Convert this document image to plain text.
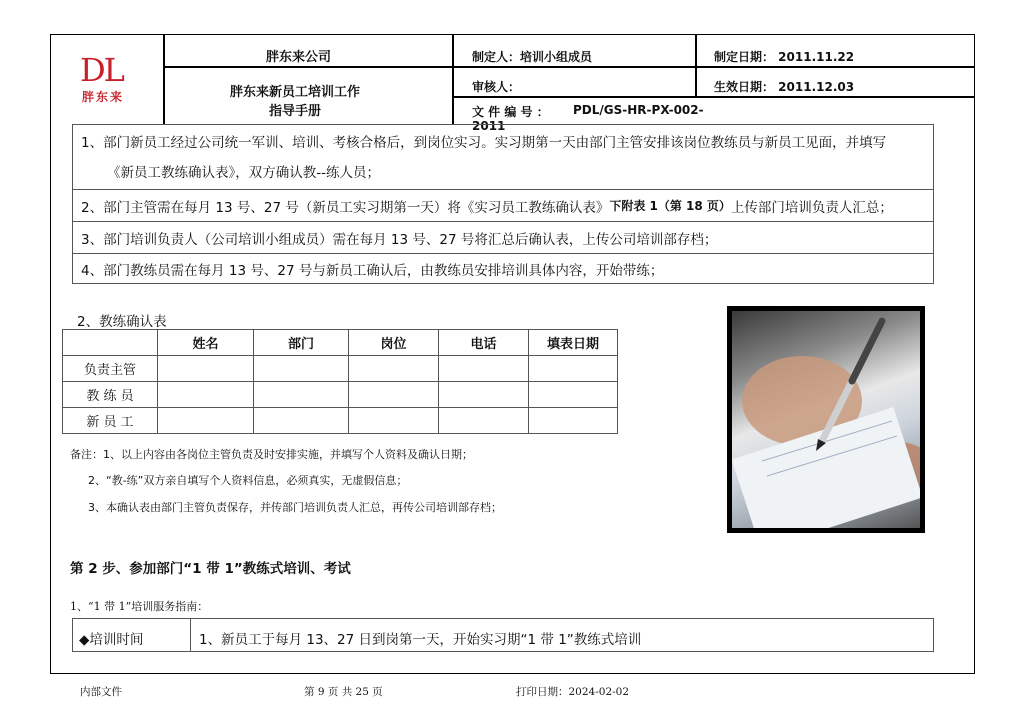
DL
胖东来
胖东来公司
胖东来新员工培训工作
指导手册
制定人：培训小组成员	制定日期： 2011.11.22
审核人：	生效日期： 2011.12.03
文 件 编 号 ： PDL/GS-HR-PX-002-
2011
1、部门新员工经过公司统一军训、培训、考核合格后，到岗位实习。实习期第一天由部门主管安排该岗位教练员与新员工见面，并填写
《新员工教练确认表》，双方确认教--练人员；
2、部门主管需在每月 13 号、27 号（新员工实习期第一天）将《实习员工教练确认表》 下附表 1（第 18 页） 上传部门培训负责人汇总；
3、部门培训负责人（公司培训小组成员）需在每月 13 号、27 号将汇总后确认表，上传公司培训部存档；
4、部门教练员需在每月 13 号、27 号与新员工确认后，由教练员安排培训具体内容，开始带练；
2、教练确认表
	姓名	部门	岗位	电话	填表日期
负责主管					
教 练 员					
新 员 工					
备注：1、以上内容由各岗位主管负责及时安排实施，并填写个人资料及确认日期；
2、“教-练”双方亲自填写个人资料信息，必须真实，无虚假信息；
3、本确认表由部门主管负责保存，并传部门培训负责人汇总，再传公司培训部存档；
第 2 步、参加部门“1 带 1”教练式培训、考试
1、“1 带 1”培训服务指南：
◆培训时间	1、新员工于每月 13、27 日到岗第一天，开始实习期“1 带 1”教练式培训
内部文件	第 9 页 共 25 页	打印日期：2024-02-02
